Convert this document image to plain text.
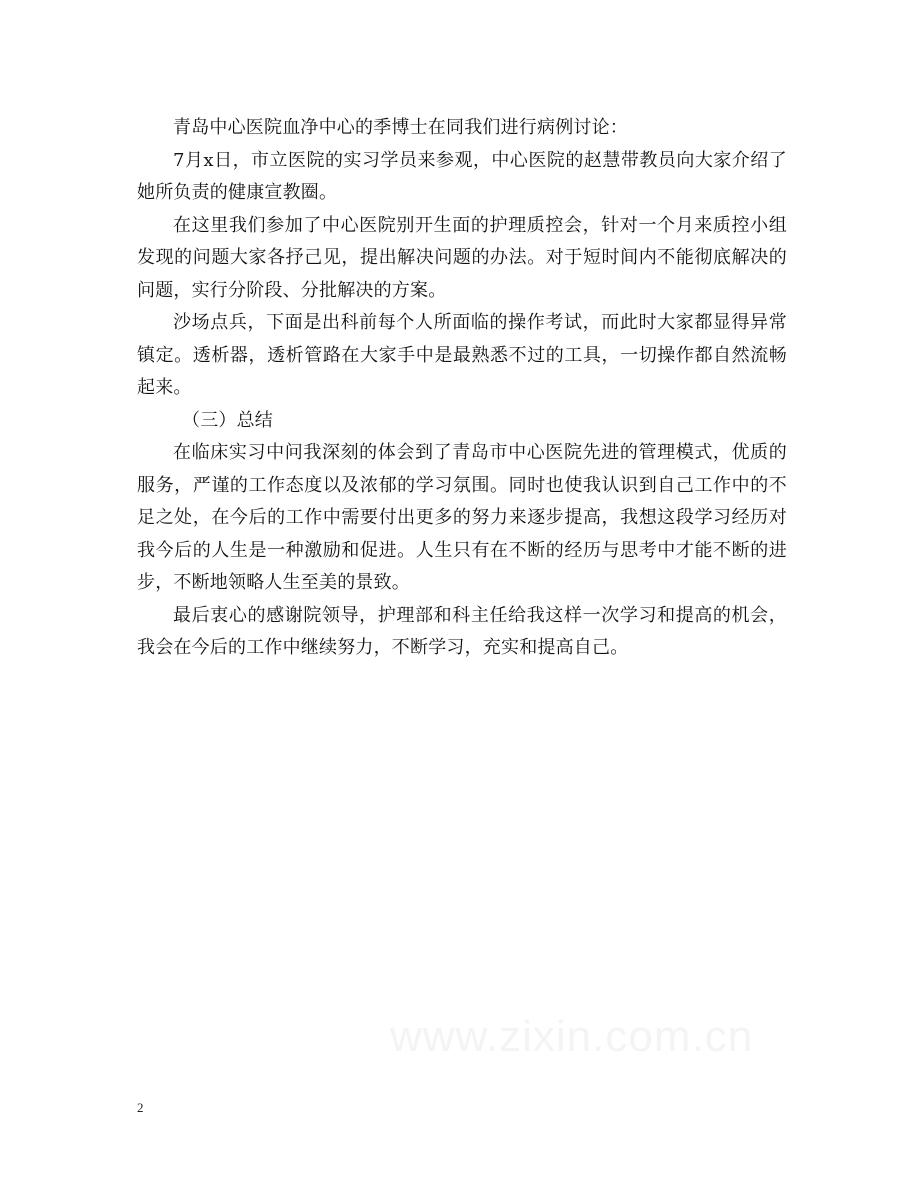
青岛中心医院血净中心的季博士在同我们进行病例讨论：

7月x日，市立医院的实习学员来参观，中心医院的赵慧带教员向大家介绍了她所负责的健康宣教圈。

在这里我们参加了中心医院别开生面的护理质控会，针对一个月来质控小组发现的问题大家各抒己见，提出解决问题的办法。对于短时间内不能彻底解决的问题，实行分阶段、分批解决的方案。

沙场点兵，下面是出科前每个人所面临的操作考试，而此时大家都显得异常镇定。透析器，透析管路在大家手中是最熟悉不过的工具，一切操作都自然流畅起来。

（三）总结

在临床实习中问我深刻的体会到了青岛市中心医院先进的管理模式，优质的服务，严谨的工作态度以及浓郁的学习氛围。同时也使我认识到自己工作中的不足之处，在今后的工作中需要付出更多的努力来逐步提高，我想这段学习经历对我今后的人生是一种激励和促进。人生只有在不断的经历与思考中才能不断的进步，不断地领略人生至美的景致。

最后衷心的感谢院领导，护理部和科主任给我这样一次学习和提高的机会，我会在今后的工作中继续努力，不断学习，充实和提高自己。

www.zixin.com.cn
2
